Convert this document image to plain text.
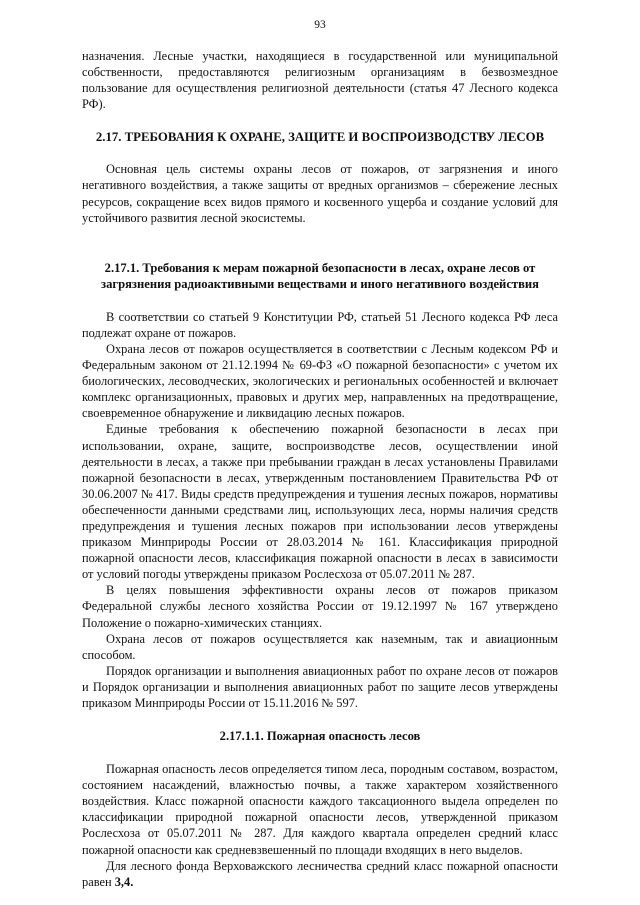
93

назначения. Лесные участки, находящиеся в государственной или муниципальной собственности, предоставляются религиозным организациям в безвозмездное пользование для осуществления религиозной деятельности (статья 47 Лесного кодекса РФ).

2.17. ТРЕБОВАНИЯ К ОХРАНЕ, ЗАЩИТЕ И ВОСПРОИЗВОДСТВУ ЛЕСОВ

Основная цель системы охраны лесов от пожаров, от загрязнения и иного негативного воздействия, а также защиты от вредных организмов – сбережение лесных ресурсов, сокращение всех видов прямого и косвенного ущерба и создание условий для устойчивого развития лесной экосистемы.

2.17.1. Требования к мерам пожарной безопасности в лесах, охране лесов от загрязнения радиоактивными веществами и иного негативного воздействия

В соответствии со статьей 9 Конституции РФ, статьей 51 Лесного кодекса РФ леса подлежат охране от пожаров.

Охрана лесов от пожаров осуществляется в соответствии с Лесным кодексом РФ и Федеральным законом от 21.12.1994 № 69-ФЗ «О пожарной безопасности» с учетом их биологических, лесоводческих, экологических и региональных особенностей и включает комплекс организационных, правовых и других мер, направленных на предотвращение, своевременное обнаружение и ликвидацию лесных пожаров.

Единые требования к обеспечению пожарной безопасности в лесах при использовании, охране, защите, воспроизводстве лесов, осуществлении иной деятельности в лесах, а также при пребывании граждан в лесах установлены Правилами пожарной безопасности в лесах, утвержденным постановлением Правительства РФ от 30.06.2007 № 417. Виды средств предупреждения и тушения лесных пожаров, нормативы обеспеченности данными средствами лиц, использующих леса, нормы наличия средств предупреждения и тушения лесных пожаров при использовании лесов утверждены приказом Минприроды России от 28.03.2014 № 161. Классификация природной пожарной опасности лесов, классификация пожарной опасности в лесах в зависимости от условий погоды утверждены приказом Рослесхоза от 05.07.2011 № 287.

В целях повышения эффективности охраны лесов от пожаров приказом Федеральной службы лесного хозяйства России от 19.12.1997 № 167 утверждено Положение о пожарно-химических станциях.

Охрана лесов от пожаров осуществляется как наземным, так и авиационным способом.

Порядок организации и выполнения авиационных работ по охране лесов от пожаров и Порядок организации и выполнения авиационных работ по защите лесов утверждены приказом Минприроды России от 15.11.2016 № 597.

2.17.1.1. Пожарная опасность лесов

Пожарная опасность лесов определяется типом леса, породным составом, возрастом, состоянием насаждений, влажностью почвы, а также характером хозяйственного воздействия. Класс пожарной опасности каждого таксационного выдела определен по классификации природной пожарной опасности лесов, утвержденной приказом Рослесхоза от 05.07.2011 № 287. Для каждого квартала определен средний класс пожарной опасности как средневзвешенный по площади входящих в него выделов.

Для лесного фонда Верховажского лесничества средний класс пожарной опасности равен 3,4.
